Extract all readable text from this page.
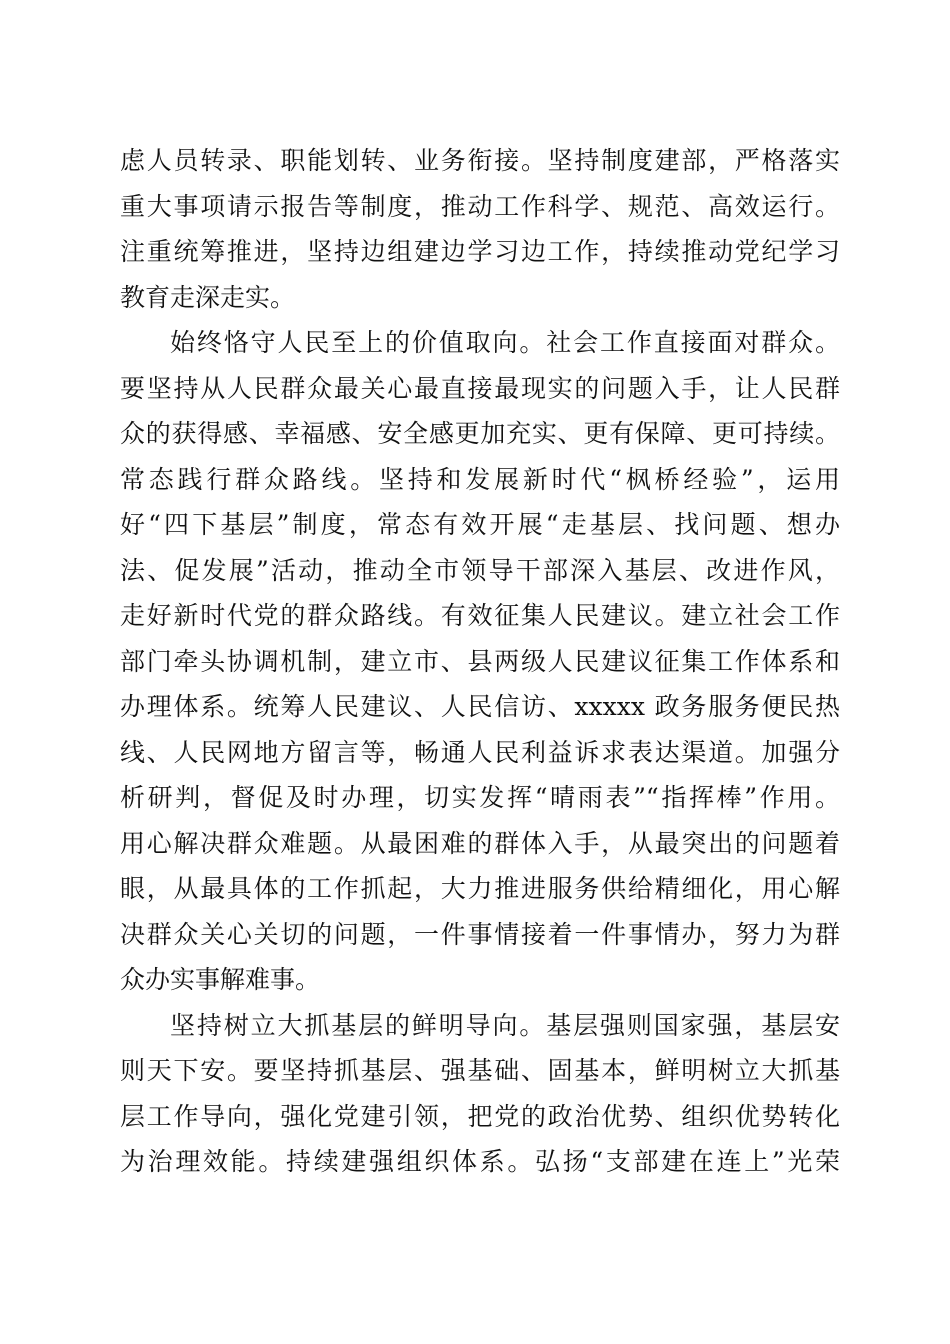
虑人员转录、职能划转、业务衔接。坚持制度建部，严格落实
重大事项请示报告等制度，推动工作科学、规范、高效运行。
注重统筹推进，坚持边组建边学习边工作，持续推动党纪学习
教育走深走实。
始终恪守人民至上的价值取向。社会工作直接面对群众。
要坚持从人民群众最关心最直接最现实的问题入手，让人民群
众的获得感、幸福感、安全感更加充实、更有保障、更可持续。
常态践行群众路线。坚持和发展新时代“枫桥经验”，运用
好“四下基层”制度，常态有效开展“走基层、找问题、想办
法、促发展”活动，推动全市领导干部深入基层、改进作风，
走好新时代党的群众路线。有效征集人民建议。建立社会工作
部门牵头协调机制，建立市、县两级人民建议征集工作体系和
办理体系。统筹人民建议、人民信访、xxxxx 政务服务便民热
线、人民网地方留言等，畅通人民利益诉求表达渠道。加强分
析研判，督促及时办理，切实发挥“晴雨表”“指挥棒”作用。
用心解决群众难题。从最困难的群体入手，从最突出的问题着
眼，从最具体的工作抓起，大力推进服务供给精细化，用心解
决群众关心关切的问题，一件事情接着一件事情办，努力为群
众办实事解难事。
坚持树立大抓基层的鲜明导向。基层强则国家强，基层安
则天下安。要坚持抓基层、强基础、固基本，鲜明树立大抓基
层工作导向，强化党建引领，把党的政治优势、组织优势转化
为治理效能。持续建强组织体系。弘扬“支部建在连上”光荣
